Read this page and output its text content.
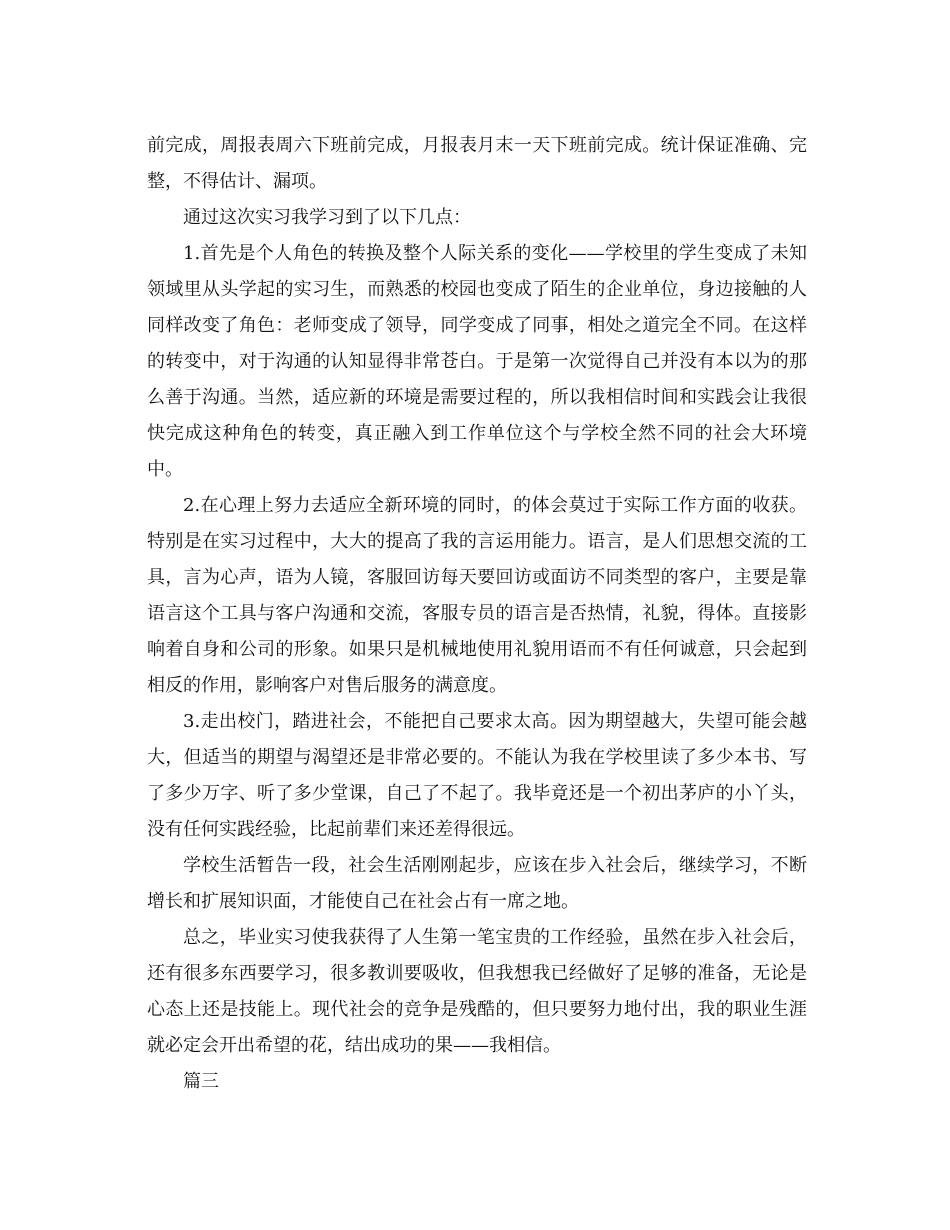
前完成，周报表周六下班前完成，月报表月末一天下班前完成。统计保证准确、完整，不得估计、漏项。

通过这次实习我学习到了以下几点：

1.首先是个人角色的转换及整个人际关系的变化——学校里的学生变成了未知领域里从头学起的实习生，而熟悉的校园也变成了陌生的企业单位，身边接触的人同样改变了角色：老师变成了领导，同学变成了同事，相处之道完全不同。在这样的转变中，对于沟通的认知显得非常苍白。于是第一次觉得自己并没有本以为的那么善于沟通。当然，适应新的环境是需要过程的，所以我相信时间和实践会让我很快完成这种角色的转变，真正融入到工作单位这个与学校全然不同的社会大环境中。

2.在心理上努力去适应全新环境的同时，的体会莫过于实际工作方面的收获。特别是在实习过程中，大大的提高了我的言运用能力。语言，是人们思想交流的工具，言为心声，语为人镜，客服回访每天要回访或面访不同类型的客户，主要是靠语言这个工具与客户沟通和交流，客服专员的语言是否热情，礼貌，得体。直接影响着自身和公司的形象。如果只是机械地使用礼貌用语而不有任何诚意，只会起到相反的作用，影响客户对售后服务的满意度。

3.走出校门，踏进社会，不能把自己要求太高。因为期望越大，失望可能会越大，但适当的期望与渴望还是非常必要的。不能认为我在学校里读了多少本书、写了多少万字、听了多少堂课，自己了不起了。我毕竟还是一个初出茅庐的小丫头，没有任何实践经验，比起前辈们来还差得很远。

学校生活暂告一段，社会生活刚刚起步，应该在步入社会后，继续学习，不断增长和扩展知识面，才能使自己在社会占有一席之地。

总之，毕业实习使我获得了人生第一笔宝贵的工作经验，虽然在步入社会后，还有很多东西要学习，很多教训要吸收，但我想我已经做好了足够的准备，无论是心态上还是技能上。现代社会的竞争是残酷的，但只要努力地付出，我的职业生涯就必定会开出希望的花，结出成功的果——我相信。

篇三
